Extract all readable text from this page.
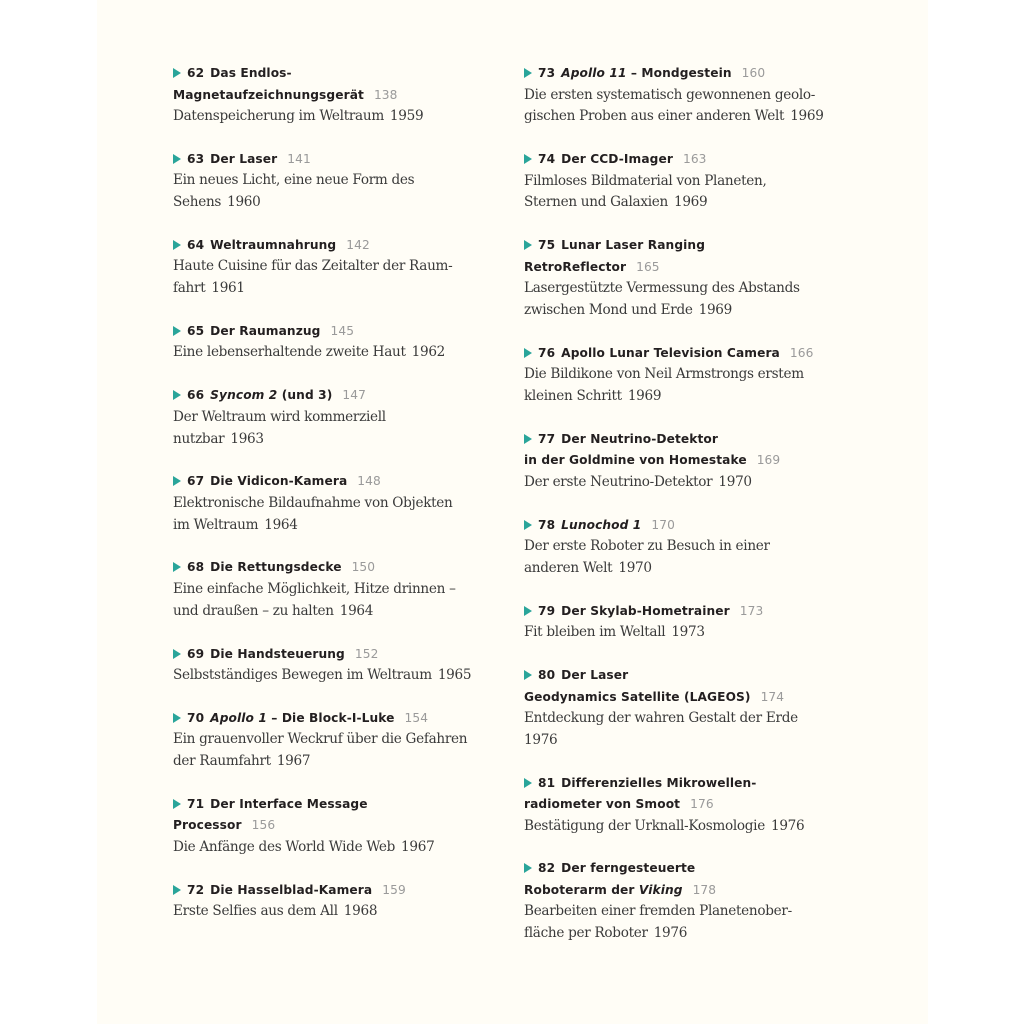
62 Das Endlos-
Magnetaufzeichnungsgerät 138
Datenspeicherung im Weltraum 1959
63 Der Laser 141
Ein neues Licht, eine neue Form des Sehens 1960
64 Weltraumnahrung 142
Haute Cuisine für das Zeitalter der Raum-
fahrt 1961
65 Der Raumanzug 145
Eine lebenserhaltende zweite Haut 1962
66 Syncom 2 (und 3) 147
Der Weltraum wird kommerziell nutzbar 1963
67 Die Vidicon-Kamera 148
Elektronische Bildaufnahme von Objekten
im Weltraum 1964
68 Die Rettungsdecke 150
Eine einfache Möglichkeit, Hitze drinnen –
und draußen – zu halten 1964
69 Die Handsteuerung 152
Selbstständiges Bewegen im Weltraum 1965
70 Apollo 1 – Die Block-I-Luke 154
Ein grauenvoller Weckruf über die Gefahren
der Raumfahrt 1967
71 Der Interface Message Processor 156
Die Anfänge des World Wide Web 1967
72 Die Hasselblad-Kamera 159
Erste Selfies aus dem All 1968
73 Apollo 11 – Mondgestein 160
Die ersten systematisch gewonnenen geolo-
gischen Proben aus einer anderen Welt 1969
74 Der CCD-Imager 163
Filmloses Bildmaterial von Planeten,
Sternen und Galaxien 1969
75 Lunar Laser Ranging RetroReflector 165
Lasergestützte Vermessung des Abstands
zwischen Mond und Erde 1969
76 Apollo Lunar Television Camera 166
Die Bildikone von Neil Armstrongs erstem
kleinen Schritt 1969
77 Der Neutrino-Detektor
in der Goldmine von Homestake 169
Der erste Neutrino-Detektor 1970
78 Lunochod 1 170
Der erste Roboter zu Besuch in einer
anderen Welt 1970
79 Der Skylab-Hometrainer 173
Fit bleiben im Weltall 1973
80 Der Laser
Geodynamics Satellite (LAGEOS) 174
Entdeckung der wahren Gestalt der Erde
1976
81 Differenzielles Mikrowellen-
radiometer von Smoot 176
Bestätigung der Urknall-Kosmologie 1976
82 Der ferngesteuerte
Roboterarm der Viking 178
Bearbeiten einer fremden Planetenober-
fläche per Roboter 1976
